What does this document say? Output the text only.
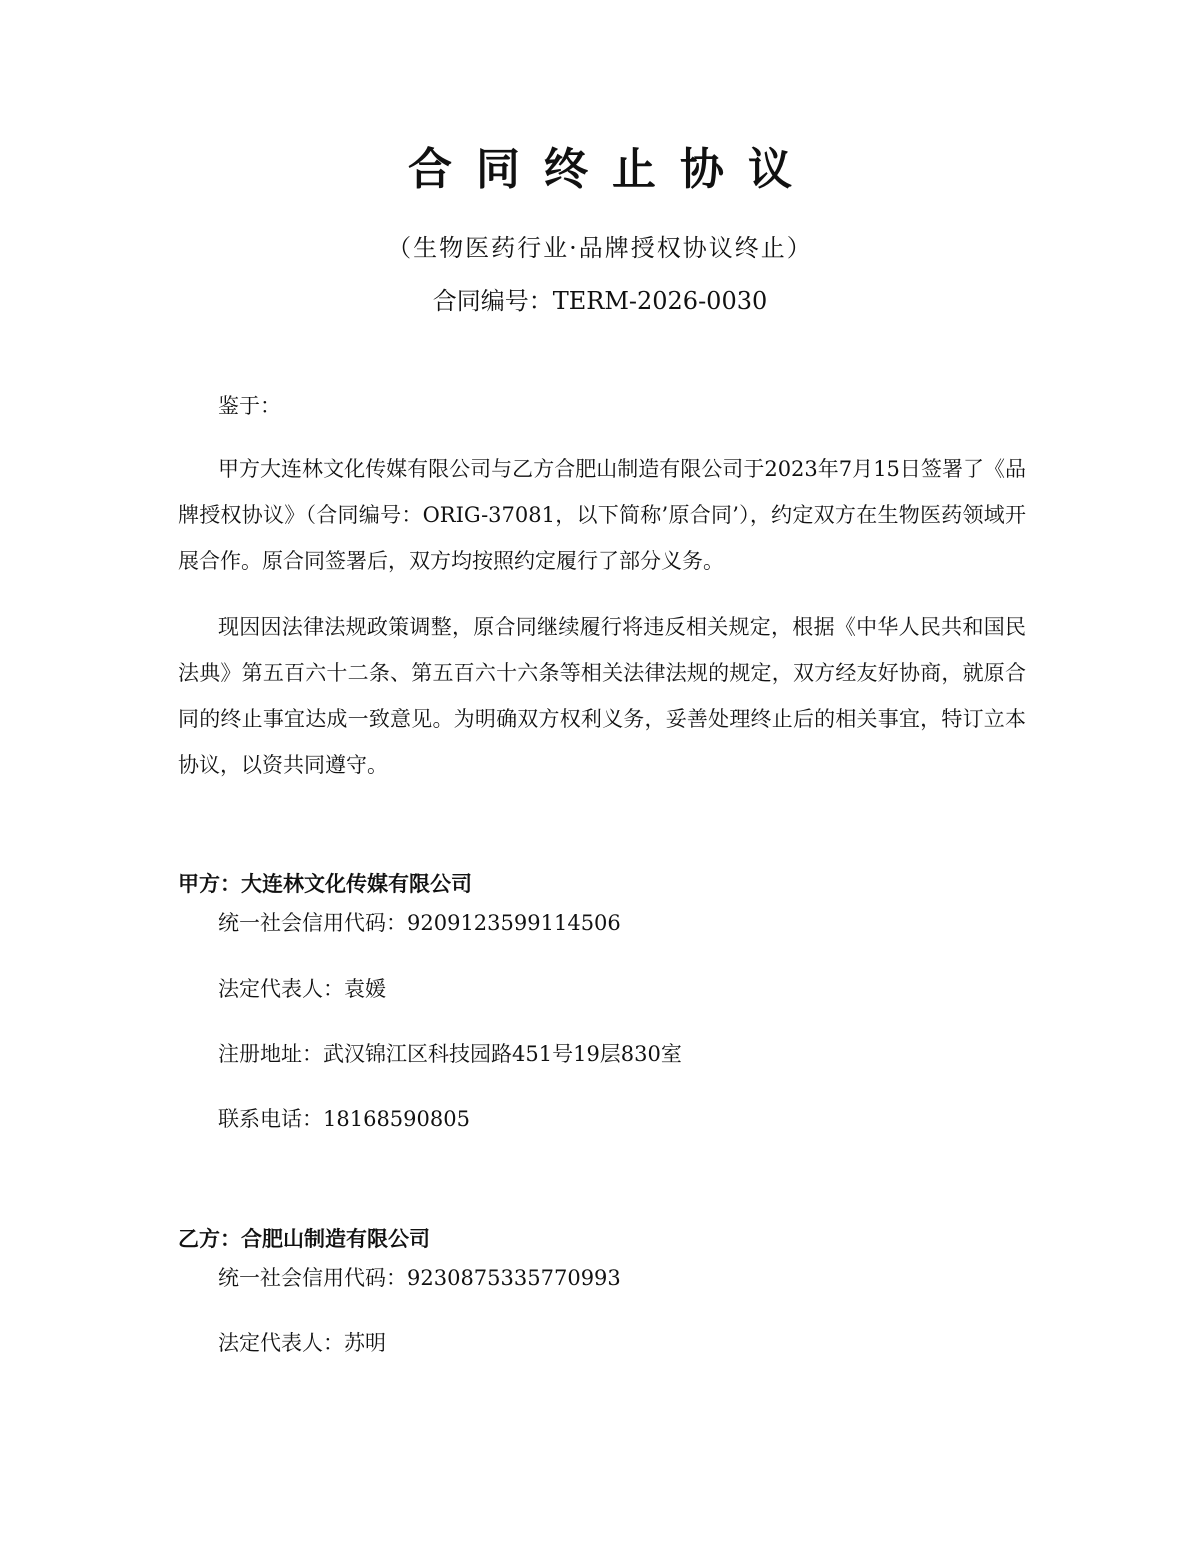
合同终止协议
（生物医药行业·品牌授权协议终止）
合同编号：TERM-2026-0030
鉴于：
甲方大连林文化传媒有限公司与乙方合肥山制造有限公司于2023年7月15日签署了《品牌授权协议》（合同编号：ORIG-37081，以下简称’原合同’），约定双方在生物医药领域开展合作。原合同签署后，双方均按照约定履行了部分义务。
现因因法律法规政策调整，原合同继续履行将违反相关规定，根据《中华人民共和国民法典》第五百六十二条、第五百六十六条等相关法律法规的规定，双方经友好协商，就原合同的终止事宜达成一致意见。为明确双方权利义务，妥善处理终止后的相关事宜，特订立本协议，以资共同遵守。
甲方：大连林文化传媒有限公司
统一社会信用代码：9209123599114506
法定代表人：袁媛
注册地址：武汉锦江区科技园路451号19层830室
联系电话：18168590805
乙方：合肥山制造有限公司
统一社会信用代码：9230875335770993
法定代表人：苏明
